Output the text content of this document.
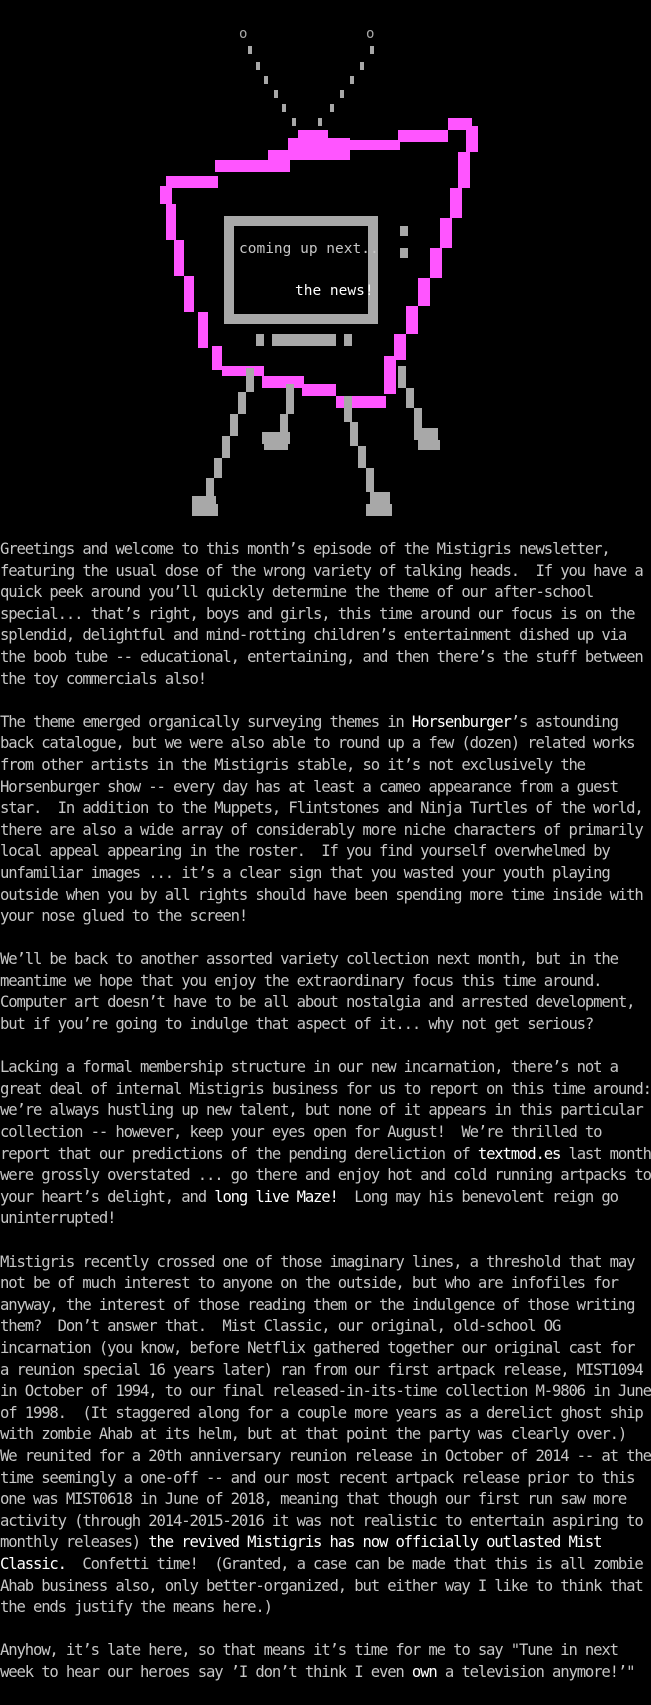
o	o
coming up next..
the news!
Greetings and welcome to this month’s episode of the Mistigris newsletter,
featuring the usual dose of the wrong variety of talking heads.  If you have a
quick peek around you’ll quickly determine the theme of our after-school
special... that’s right, boys and girls, this time around our focus is on the
splendid, delightful and mind-rotting children’s entertainment dished up via
the boob tube -- educational, entertaining, and then there’s the stuff between
the toy commercials also!
The theme emerged organically surveying themes in Horsenburger’s astounding
back catalogue, but we were also able to round up a few (dozen) related works
from other artists in the Mistigris stable, so it’s not exclusively the
Horsenburger show -- every day has at least a cameo appearance from a guest
star.  In addition to the Muppets, Flintstones and Ninja Turtles of the world,
there are also a wide array of considerably more niche characters of primarily
local appeal appearing in the roster.  If you find yourself overwhelmed by
unfamiliar images ... it’s a clear sign that you wasted your youth playing
outside when you by all rights should have been spending more time inside with
your nose glued to the screen!
We’ll be back to another assorted variety collection next month, but in the
meantime we hope that you enjoy the extraordinary focus this time around.
Computer art doesn’t have to be all about nostalgia and arrested development,
but if you’re going to indulge that aspect of it... why not get serious?
Lacking a formal membership structure in our new incarnation, there’s not a
great deal of internal Mistigris business for us to report on this time around:
we’re always hustling up new talent, but none of it appears in this particular
collection -- however, keep your eyes open for August!  We’re thrilled to
report that our predictions of the pending dereliction of textmod.es last month
were grossly overstated ... go there and enjoy hot and cold running artpacks to
your heart’s delight, and long live Maze!  Long may his benevolent reign go
uninterrupted!
Mistigris recently crossed one of those imaginary lines, a threshold that may
not be of much interest to anyone on the outside, but who are infofiles for
anyway, the interest of those reading them or the indulgence of those writing
them?  Don’t answer that.  Mist Classic, our original, old-school OG
incarnation (you know, before Netflix gathered together our original cast for
a reunion special 16 years later) ran from our first artpack release, MIST1094
in October of 1994, to our final released-in-its-time collection M-9806 in June
of 1998.  (It staggered along for a couple more years as a derelict ghost ship
with zombie Ahab at its helm, but at that point the party was clearly over.)
We reunited for a 20th anniversary reunion release in October of 2014 -- at the
time seemingly a one-off -- and our most recent artpack release prior to this
one was MIST0618 in June of 2018, meaning that though our first run saw more
activity (through 2014-2015-2016 it was not realistic to entertain aspiring to
monthly releases) the revived Mistigris has now officially outlasted Mist
Classic.  Confetti time!  (Granted, a case can be made that this is all zombie
Ahab business also, only better-organized, but either way I like to think that
the ends justify the means here.)
Anyhow, it’s late here, so that means it’s time for me to say "Tune in next
week to hear our heroes say ’I don’t think I even own a television anymore!’"
